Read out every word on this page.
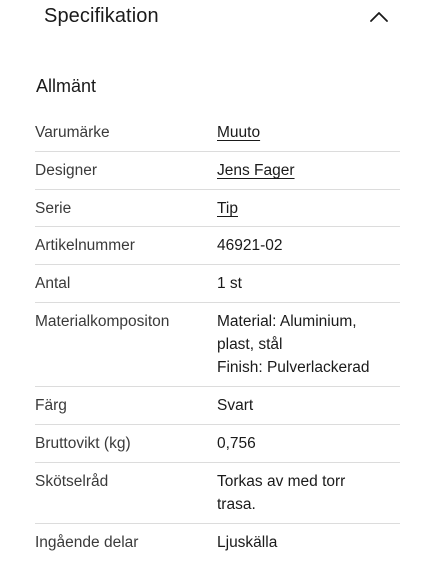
Specifikation
Allmänt
Varumärke	Muuto
Designer	Jens Fager
Serie	Tip
Artikelnummer	46921-02
Antal	1 st
Materialkompositon	Material: Aluminium,
plast, stål
Finish: Pulverlackerad
Färg	Svart
Bruttovikt (kg)	0,756
Skötselråd	Torkas av med torr
trasa.
Ingående delar	Ljuskälla
